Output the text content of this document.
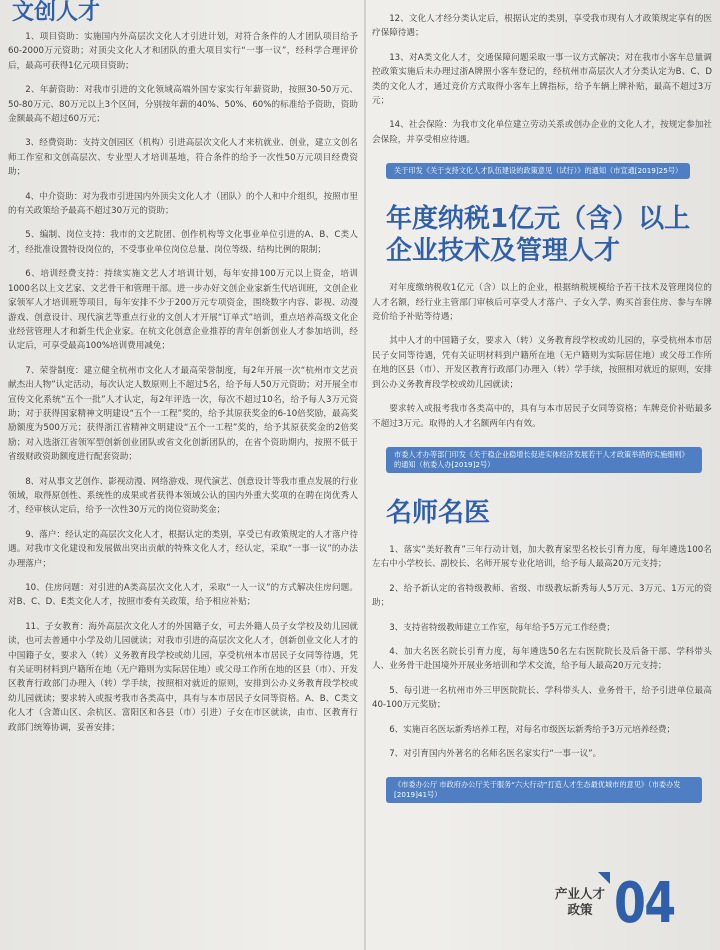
文创人才
1、项目资助：实施国内外高层次文化人才引进计划，对符合条件的人才团队项目给予60-2000万元资助；对顶尖文化人才和团队的重大项目实行“一事一议”，经科学合理评价后，最高可获得1亿元项目资助；
2、年薪资助：对我市引进的文化领域高端外国专家实行年薪资助，按照30-50万元、50-80万元、80万元以上3个区间，分别按年薪的40%、50%、60%的标准给予资助，资助金额最高不超过60万元；
3、经费资助：支持文创园区（机构）引进高层次文化人才来杭就业、创业，建立文创名师工作室和文创高层次、专业型人才培训基地，符合条件的给予一次性50万元项目经费资助；
4、中介资助：对为我市引进国内外顶尖文化人才（团队）的个人和中介组织，按照市里的有关政策给予最高不超过30万元的资助；
5、编制、岗位支持：我市的文艺院团、创作机构等文化事业单位引进的A、B、C类人才，经批准设置特设岗位的，不受事业单位岗位总量、岗位等级、结构比例的限制；
6、培训经费支持：持续实施文艺人才培训计划，每年安排100万元以上资金，培训1000名以上文艺家、文艺骨干和管理干部。进一步办好文创企业家新生代培训班，文创企业家领军人才培训班等项目，每年安排不少于200万元专项资金，围绕数字内容、影视、动漫游戏、创意设计、现代演艺等重点行业的文创人才开展“订单式”培训，重点培养高级文化企业经营管理人才和新生代企业家。在杭文化创意企业推荐的青年创新创业人才参加培训，经认定后，可享受最高100%培训费用减免；
7、荣誉制度：建立健全杭州市文化人才最高荣誉制度，每2年开展一次“杭州市文艺贡献杰出人物”认定活动，每次认定人数原则上不超过5名，给予每人50万元资助；对开展全市宣传文化系统“五个一批”人才认定，每2年评选一次，每次不超过10名，给予每人3万元资助；对于获得国家精神文明建设“五个一工程”奖的，给予其原获奖金的6-10倍奖励，最高奖励额度为500万元；获得浙江省精神文明建设“五个一工程”奖的，给予其原获奖金的2倍奖励；对入选浙江省领军型创新创业团队或省文化创新团队的，在省个资助期内，按照不低于省级财政资助额度进行配套资助；
8、对从事文艺创作、影视动漫、网络游戏、现代演艺、创意设计等我市重点发展的行业领域，取得原创性、系统性的成果或者获得本领域公认的国内外重大奖项的在聘在岗优秀人才，经审核认定后，给予一次性30万元的岗位资助奖金；
9、落户：经认定的高层次文化人才，根据认定的类别，享受已有政策规定的人才落户待遇。对我市文化建设和发展做出突出贡献的特殊文化人才，经认定，采取“一事一议”的办法办理落户；
10、住房问题：对引进的A类高层次文化人才，采取“一人一议”的方式解决住房问题。对B、C、D、E类文化人才，按照市委有关政策，给予相应补贴；
11、子女教育：海外高层次文化人才的外国籍子女，可去外籍人员子女学校及幼儿园就读，也可去普通中小学及幼儿园就读；对我市引进的高层次文化人才，创新创业文化人才的中国籍子女，要求入（转）义务教育段学校或幼儿园，享受杭州本市居民子女同等待遇，凭有关证明材料到户籍所在地（无户籍则为实际居住地）或父母工作所在地的区县（市）、开发区教育行政部门办理入（转）学手续，按照相对就近的原则，安排到公办义务教育段学校或幼儿园就读；要求转入或报考我市各类高中，具有与本市居民子女同等资格。A、B、C类文化人才（含萧山区、余杭区、富阳区和各县（市）引进）子女在市区就读，由市、区教育行政部门统筹协调，妥善安排；
12、文化人才经分类认定后，根据认定的类别，享受我市现有人才政策规定享有的医疗保障待遇；
13、对A类文化人才，交通保障问题采取一事一议方式解决；对在我市小客车总量调控政策实施后未办理过浙A牌照小客车登记的，经杭州市高层次人才分类认定为B、C、D类的文化人才，通过竞价方式取得小客车上牌指标，给予车辆上牌补贴，最高不超过3万元；
14、社会保险：为我市文化单位建立劳动关系或创办企业的文化人才，按规定参加社会保险，并享受相应待遇。
关于印发《关于支持文化人才队伍建设的政策意见（试行）》的通知（市宣通[2019]25号）
年度纳税1亿元（含）以上
企业技术及管理人才
对年度缴纳税收1亿元（含）以上的企业，根据纳税规模给予若干技术及管理岗位的人才名额，经行业主管部门审核后可享受人才落户、子女入学、购买首套住房、参与车牌竞价给予补贴等待遇；
其中人才的中国籍子女，要求入（转）义务教育段学校或幼儿园的，享受杭州本市居民子女同等待遇，凭有关证明材料到户籍所在地（无户籍则为实际居住地）或父母工作所在地的区县（市）、开发区教育行政部门办理入（转）学手续，按照相对就近的原则，安排到公办义务教育段学校或幼儿园就读；
要求转入或报考我市各类高中的，具有与本市居民子女同等资格；车牌竞价补贴最多不超过3万元。取得的人才名额两年内有效。
市委人才办等部门印发《关于稳企业稳增长促进实体经济发展若干人才政策举措的实施细则》的通知（杭委人办[2019]2号）
名师名医
1、落实“美好教育”三年行动计划，加大教育家型名校长引育力度，每年遴选100名左右中小学校长、副校长、名师开展专业化培训，给予每人最高20万元支持；
2、给予新认定的省特级教师、省级、市级教坛新秀每人5万元、3万元、1万元的资助；
3、支持省特级教师建立工作室，每年给予5万元工作经费；
4、加大名医名院长引育力度，每年遴选50名左右医院院长及后备干部、学科带头人、业务骨干赴国境外开展业务培训和学术交流，给予每人最高20万元支持；
5、每引进一名杭州市外三甲医院院长、学科带头人、业务骨干，给予引进单位最高40-100万元奖励；
6、实施百名医坛新秀培养工程，对每名市级医坛新秀给予3万元培养经费；
7、对引育国内外著名的名师名医名家实行“一事一议”。
《市委办公厅 市政府办公厅关于服务“六大行动”打造人才生态最优城市的意见》（市委办发[2019]41号）
产业人才
政策 04
